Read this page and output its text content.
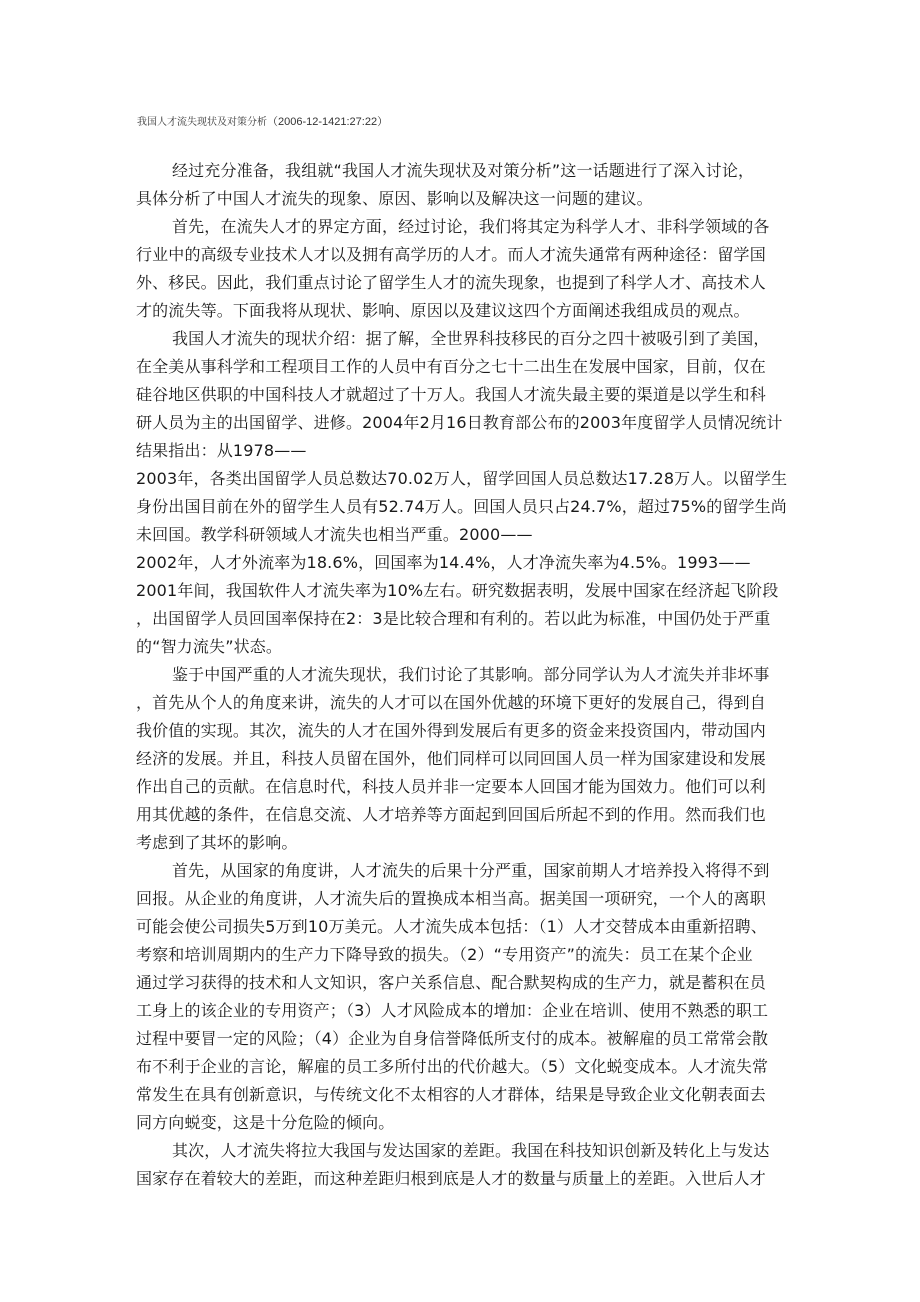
我国人才流失现状及对策分析（2006-12-1421:27:22）
经过充分准备，我组就“我国人才流失现状及对策分析”这一话题进行了深入讨论，
具体分析了中国人才流失的现象、原因、影响以及解决这一问题的建议。
首先，在流失人才的界定方面，经过讨论，我们将其定为科学人才、非科学领域的各
行业中的高级专业技术人才以及拥有高学历的人才。而人才流失通常有两种途径：留学国
外、移民。因此，我们重点讨论了留学生人才的流失现象，也提到了科学人才、高技术人
才的流失等。下面我将从现状、影响、原因以及建议这四个方面阐述我组成员的观点。
我国人才流失的现状介绍：据了解，全世界科技移民的百分之四十被吸引到了美国，
在全美从事科学和工程项目工作的人员中有百分之七十二出生在发展中国家，目前，仅在
硅谷地区供职的中国科技人才就超过了十万人。我国人才流失最主要的渠道是以学生和科
研人员为主的出国留学、进修。2004年2月16日教育部公布的2003年度留学人员情况统计
结果指出：从1978——
2003年，各类出国留学人员总数达70.02万人，留学回国人员总数达17.28万人。以留学生
身份出国目前在外的留学生人员有52.74万人。回国人员只占24.7%，超过75%的留学生尚
未回国。教学科研领域人才流失也相当严重。2000——
2002年，人才外流率为18.6%，回国率为14.4%，人才净流失率为4.5%。1993——
2001年间，我国软件人才流失率为10%左右。研究数据表明，发展中国家在经济起飞阶段
，出国留学人员回国率保持在2：3是比较合理和有利的。若以此为标准，中国仍处于严重
的“智力流失”状态。
鉴于中国严重的人才流失现状，我们讨论了其影响。部分同学认为人才流失并非坏事
，首先从个人的角度来讲，流失的人才可以在国外优越的环境下更好的发展自己，得到自
我价值的实现。其次，流失的人才在国外得到发展后有更多的资金来投资国内，带动国内
经济的发展。并且，科技人员留在国外，他们同样可以同回国人员一样为国家建设和发展
作出自己的贡献。在信息时代，科技人员并非一定要本人回国才能为国效力。他们可以利
用其优越的条件，在信息交流、人才培养等方面起到回国后所起不到的作用。然而我们也
考虑到了其坏的影响。
首先，从国家的角度讲，人才流失的后果十分严重，国家前期人才培养投入将得不到
回报。从企业的角度讲，人才流失后的置换成本相当高。据美国一项研究，一个人的离职
可能会使公司损失5万到10万美元。人才流失成本包括：（1）人才交替成本由重新招聘、
考察和培训周期内的生产力下降导致的损失。（2）“专用资产”的流失：员工在某个企业
通过学习获得的技术和人文知识，客户关系信息、配合默契构成的生产力，就是蓄积在员
工身上的该企业的专用资产；（3）人才风险成本的增加：企业在培训、使用不熟悉的职工
过程中要冒一定的风险；（4）企业为自身信誉降低所支付的成本。被解雇的员工常常会散
布不利于企业的言论，解雇的员工多所付出的代价越大。（5）文化蜕变成本。人才流失常
常发生在具有创新意识，与传统文化不太相容的人才群体，结果是导致企业文化朝表面去
同方向蜕变，这是十分危险的倾向。
其次，人才流失将拉大我国与发达国家的差距。我国在科技知识创新及转化上与发达
国家存在着较大的差距，而这种差距归根到底是人才的数量与质量上的差距。入世后人才
